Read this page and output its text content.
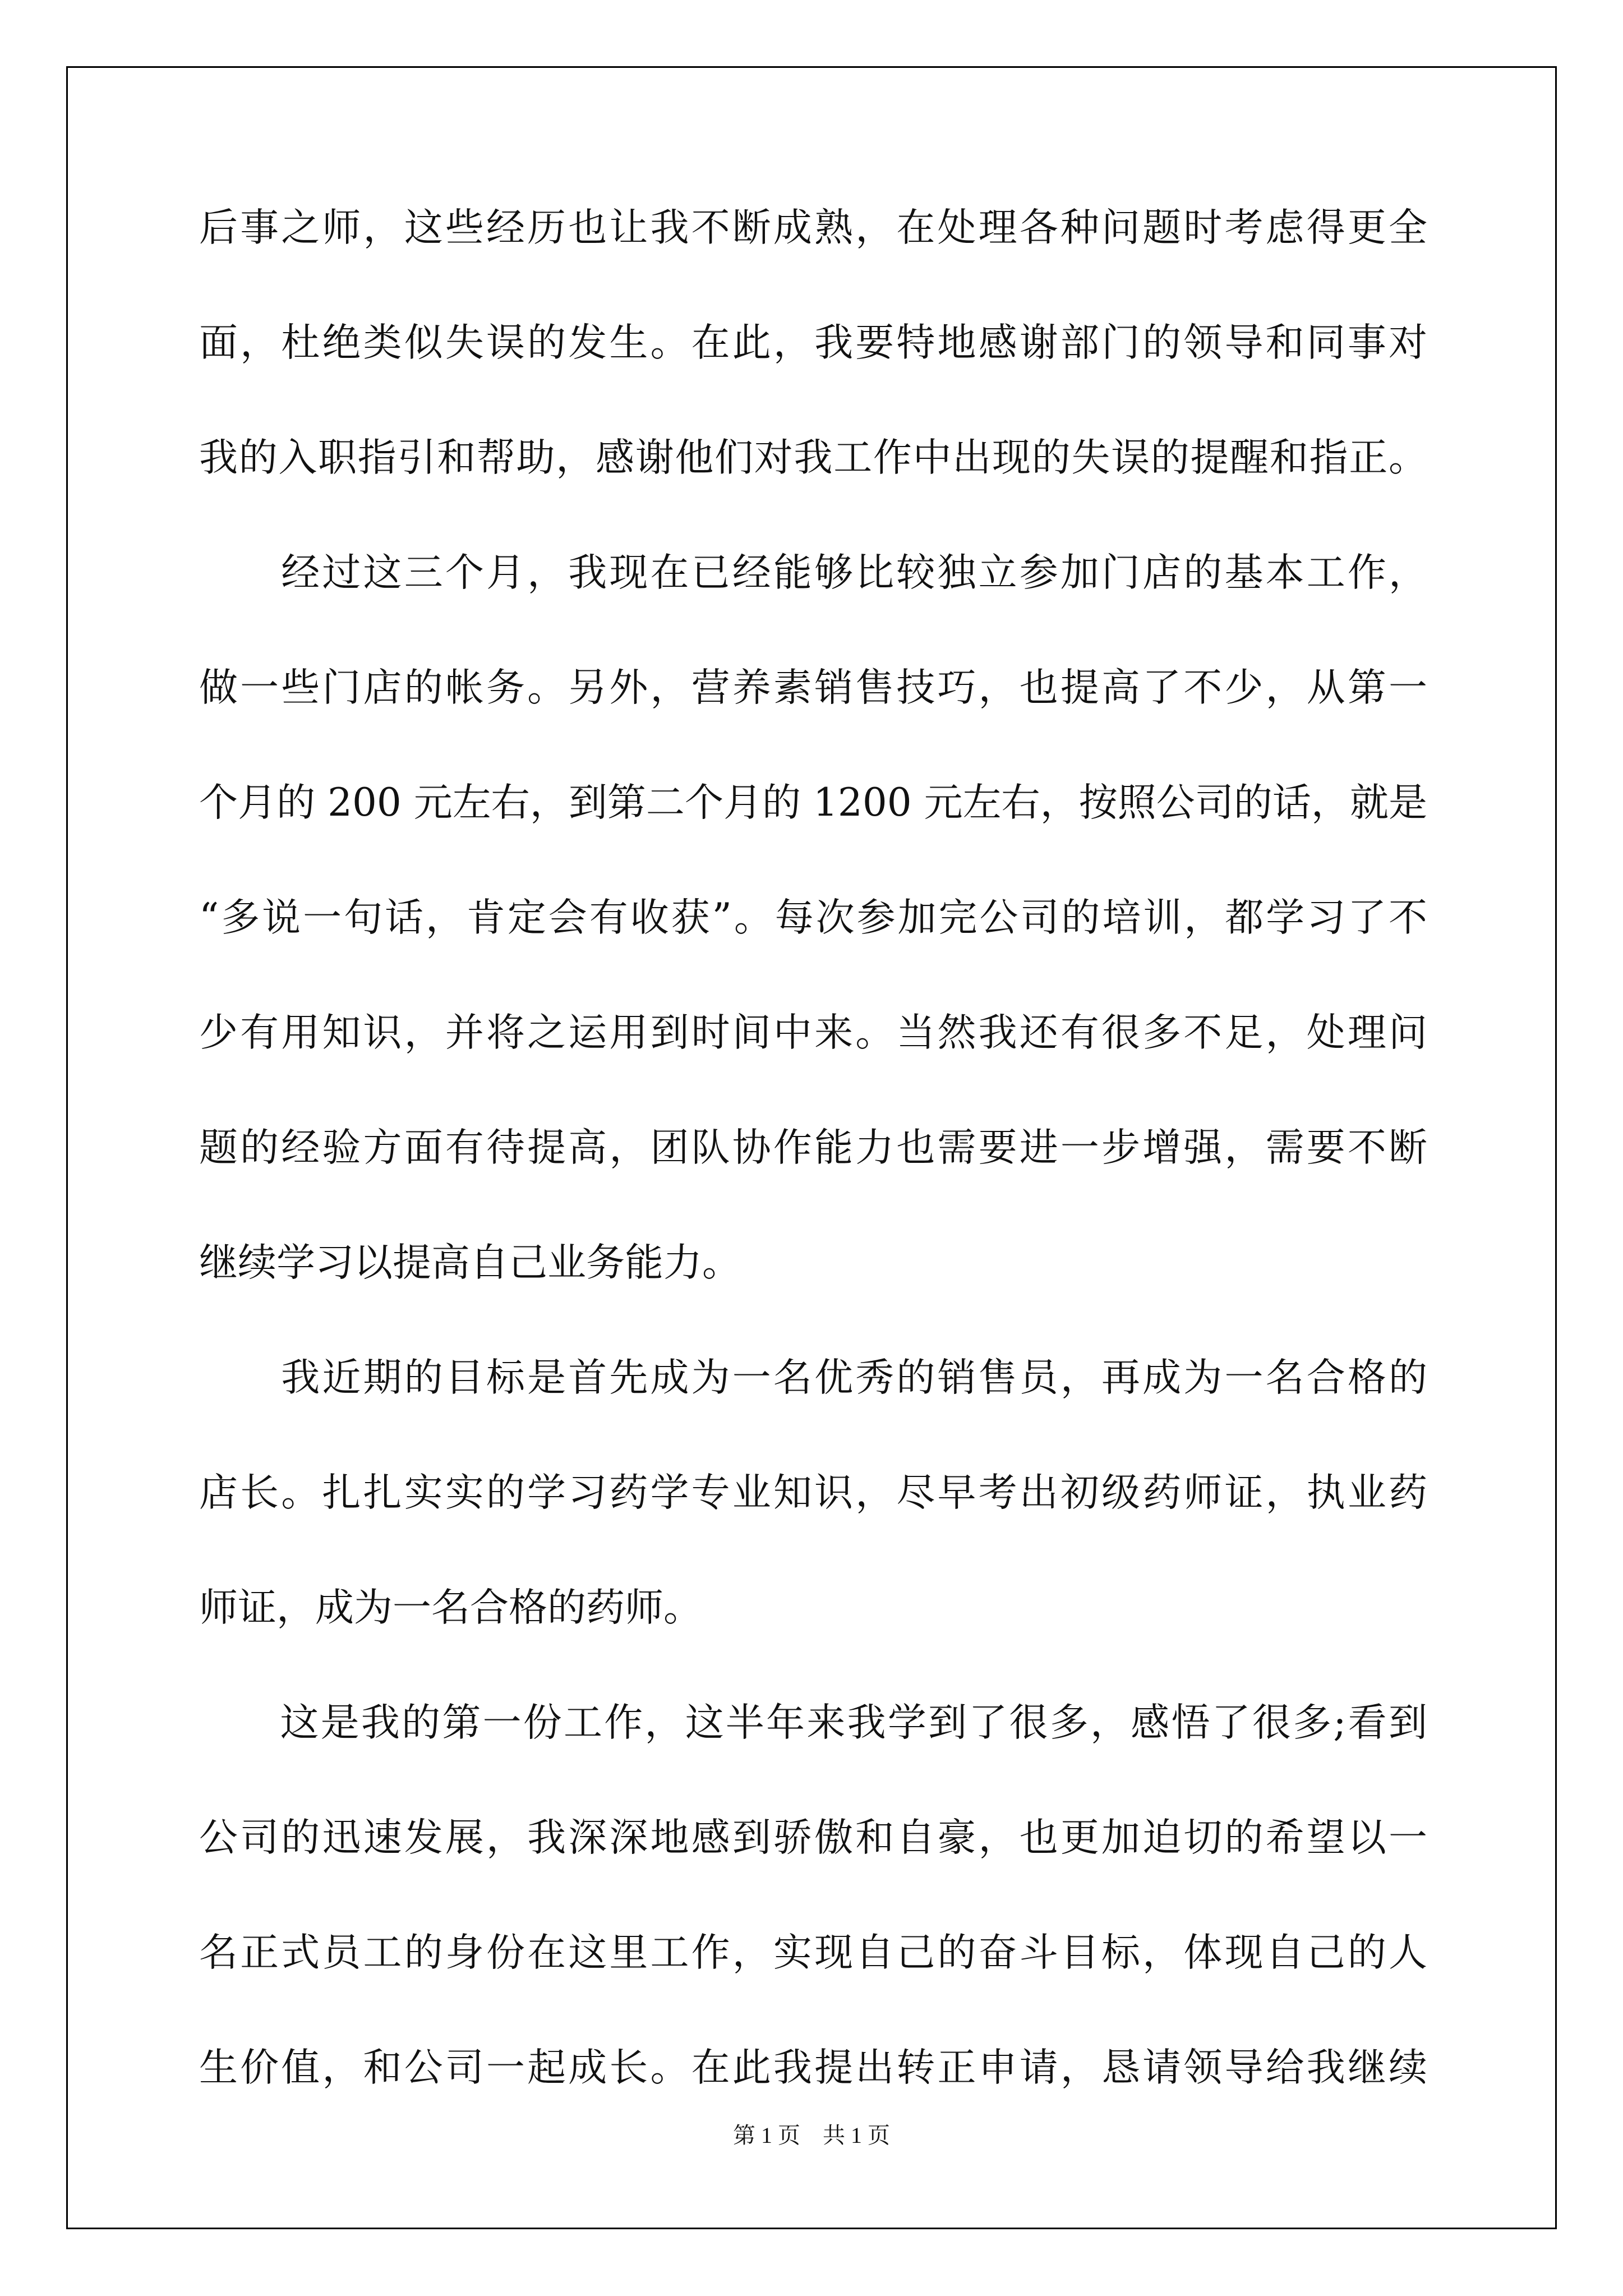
后事之师，这些经历也让我不断成熟，在处理各种问题时考虑得更全
面，杜绝类似失误的发生。在此，我要特地感谢部门的领导和同事对
我的入职指引和帮助，感谢他们对我工作中出现的失误的提醒和指正。
　　经过这三个月，我现在已经能够比较独立参加门店的基本工作，
做一些门店的帐务。另外，营养素销售技巧，也提高了不少，从第一
个月的 200 元左右，到第二个月的 1200 元左右，按照公司的话，就是
“多说一句话，肯定会有收获”。每次参加完公司的培训，都学习了不
少有用知识，并将之运用到时间中来。当然我还有很多不足，处理问
题的经验方面有待提高，团队协作能力也需要进一步增强，需要不断
继续学习以提高自己业务能力。
　　我近期的目标是首先成为一名优秀的销售员，再成为一名合格的
店长。扎扎实实的学习药学专业知识，尽早考出初级药师证，执业药
师证，成为一名合格的药师。
　　这是我的第一份工作，这半年来我学到了很多，感悟了很多;看到
公司的迅速发展，我深深地感到骄傲和自豪，也更加迫切的希望以一
名正式员工的身份在这里工作，实现自己的奋斗目标，体现自己的人
生价值，和公司一起成长。在此我提出转正申请，恳请领导给我继续
第 1 页 共 1 页
